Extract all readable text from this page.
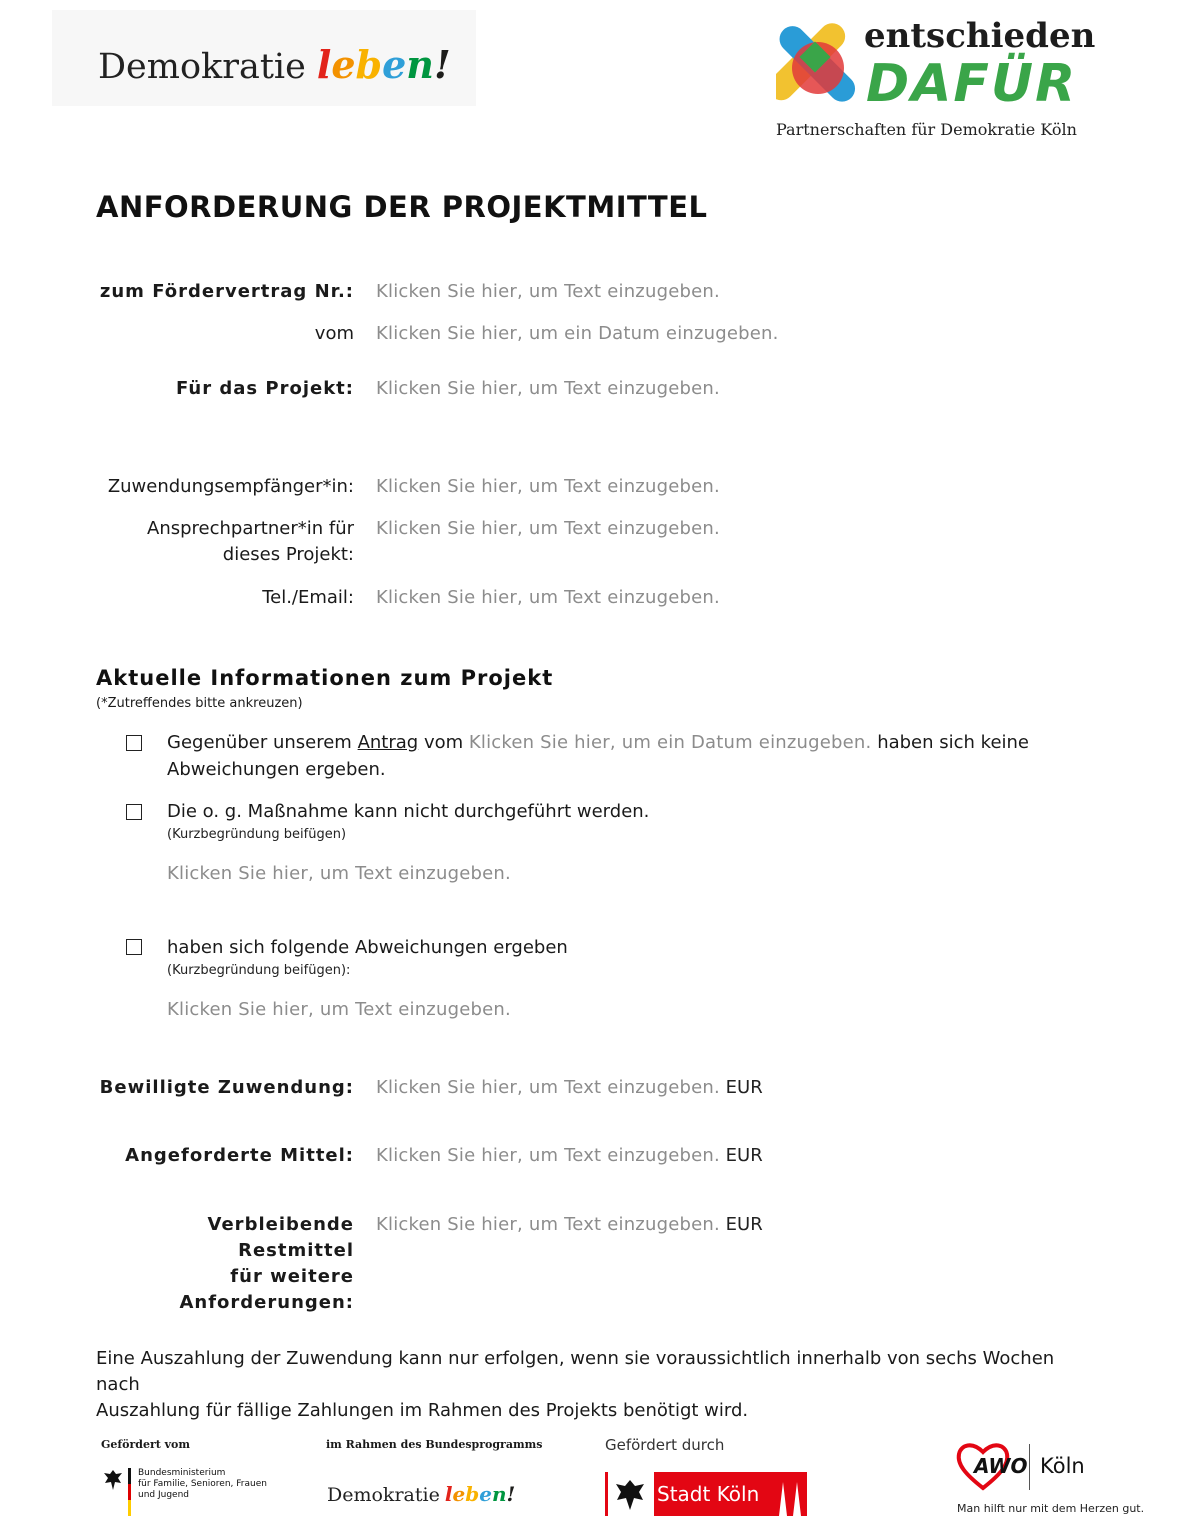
Demokratie leben!
entschieden
DAFÜR
Partnerschaften für Demokratie Köln
ANFORDERUNG DER PROJEKTMITTEL
zum Fördervertrag Nr.: Klicken Sie hier, um Text einzugeben.
vom Klicken Sie hier, um ein Datum einzugeben.
Für das Projekt: Klicken Sie hier, um Text einzugeben.
Zuwendungsempfänger*in: Klicken Sie hier, um Text einzugeben.
Ansprechpartner*in für
dieses Projekt:
Klicken Sie hier, um Text einzugeben.
Tel./Email: Klicken Sie hier, um Text einzugeben.
Aktuelle Informationen zum Projekt
(*Zutreffendes bitte ankreuzen)
Gegenüber unserem Antrag vom Klicken Sie hier, um ein Datum einzugeben. haben sich keine
Abweichungen ergeben.
Die o. g. Maßnahme kann nicht durchgeführt werden.
(Kurzbegründung beifügen)
Klicken Sie hier, um Text einzugeben.
haben sich folgende Abweichungen ergeben
(Kurzbegründung beifügen):
Klicken Sie hier, um Text einzugeben.
Bewilligte Zuwendung: Klicken Sie hier, um Text einzugeben. EUR
Angeforderte Mittel: Klicken Sie hier, um Text einzugeben. EUR
Verbleibende Restmittel
für weitere
Anforderungen:
Klicken Sie hier, um Text einzugeben. EUR
Eine Auszahlung der Zuwendung kann nur erfolgen, wenn sie voraussichtlich innerhalb von sechs Wochen nach
Auszahlung für fällige Zahlungen im Rahmen des Projekts benötigt wird.
Gefördert vom
Bundesministerium
für Familie, Senioren, Frauen
und Jugend
im Rahmen des Bundesprogramms
Demokratie leben!
Gefördert durch
Stadt Köln
AWO Köln
Man hilft nur mit dem Herzen gut.
